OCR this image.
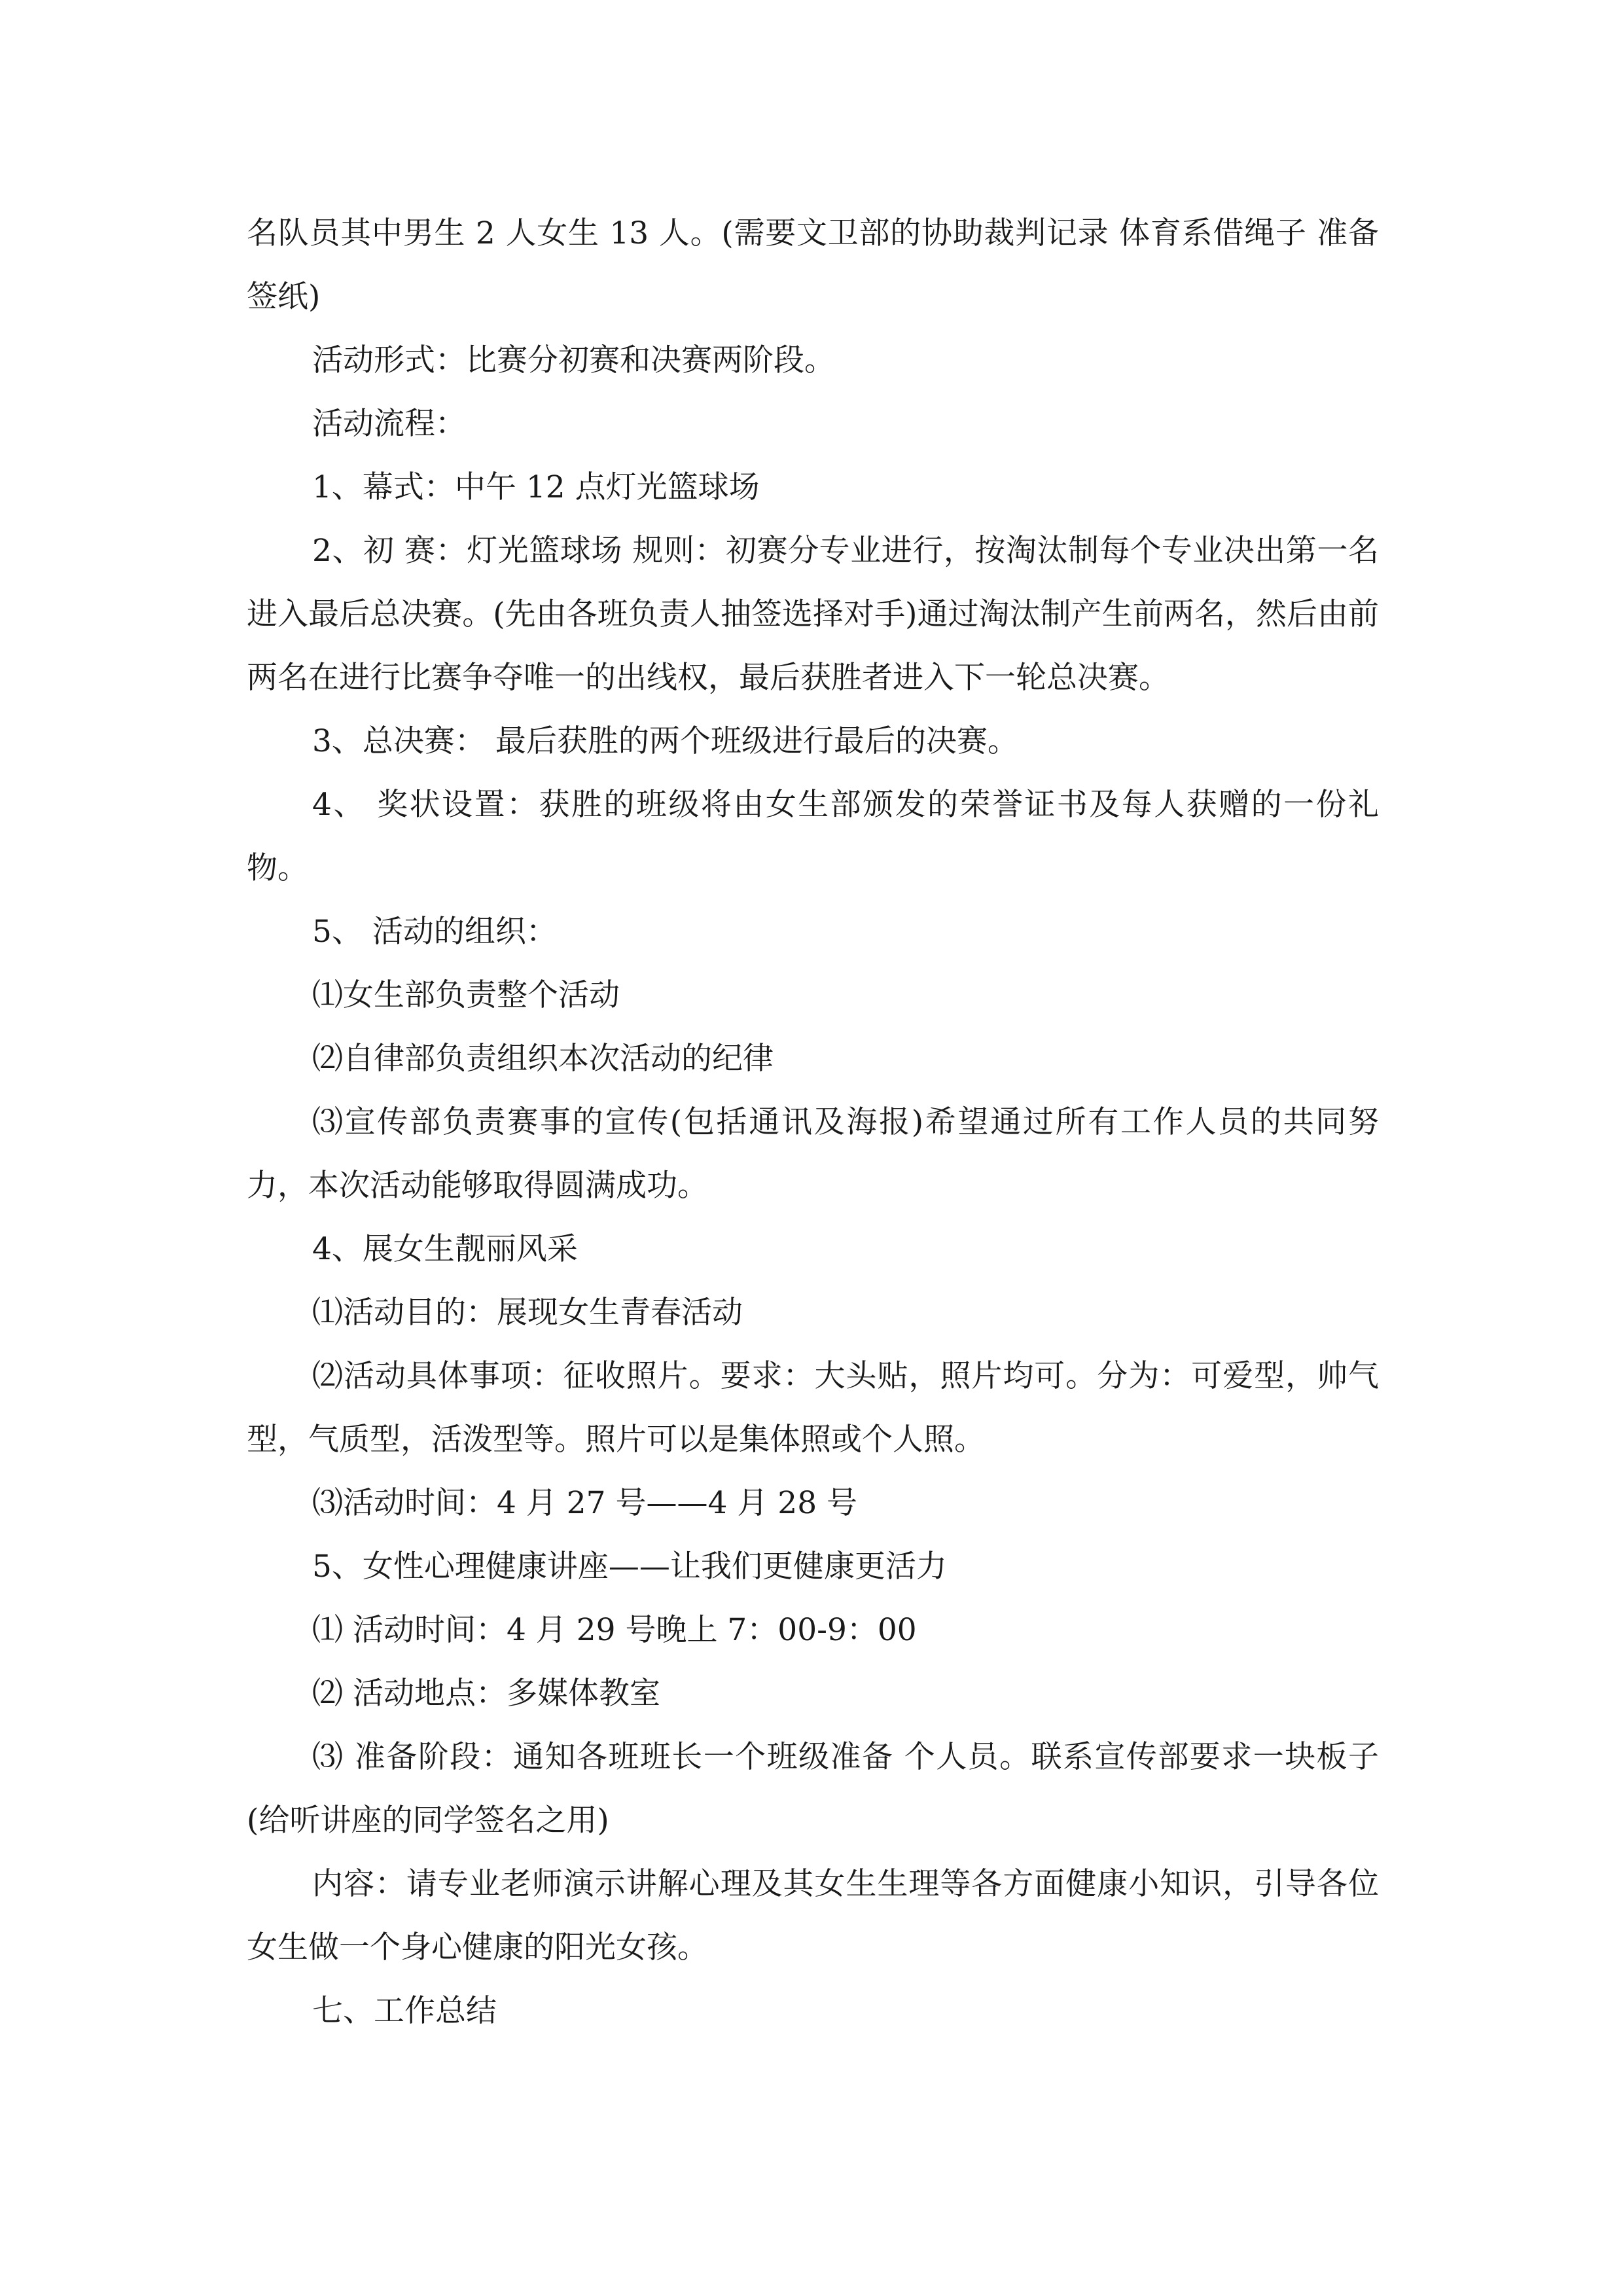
名队员其中男生 2 人女生 13 人。(需要文卫部的协助裁判记录 体育系借绳子 准备签纸)

活动形式：比赛分初赛和决赛两阶段。

活动流程：

1、幕式：中午 12 点灯光篮球场

2、初 赛：灯光篮球场 规则：初赛分专业进行，按淘汰制每个专业决出第一名进入最后总决赛。(先由各班负责人抽签选择对手)通过淘汰制产生前两名，然后由前两名在进行比赛争夺唯一的出线权，最后获胜者进入下一轮总决赛。

3、总决赛： 最后获胜的两个班级进行最后的决赛。

4、 奖状设置：获胜的班级将由女生部颁发的荣誉证书及每人获赠的一份礼物。

5、 活动的组织：

⑴女生部负责整个活动

⑵自律部负责组织本次活动的纪律

⑶宣传部负责赛事的宣传(包括通讯及海报)希望通过所有工作人员的共同努力，本次活动能够取得圆满成功。

4、展女生靓丽风采

⑴活动目的：展现女生青春活动

⑵活动具体事项：征收照片。要求：大头贴，照片均可。分为：可爱型，帅气型，气质型，活泼型等。照片可以是集体照或个人照。

⑶活动时间：4 月 27 号——4 月 28 号

5、女性心理健康讲座——让我们更健康更活力

⑴ 活动时间：4 月 29 号晚上 7：00-9：00

⑵ 活动地点：多媒体教室

⑶ 准备阶段：通知各班班长一个班级准备 个人员。联系宣传部要求一块板子(给听讲座的同学签名之用)

内容：请专业老师演示讲解心理及其女生生理等各方面健康小知识，引导各位女生做一个身心健康的阳光女孩。

七、工作总结
